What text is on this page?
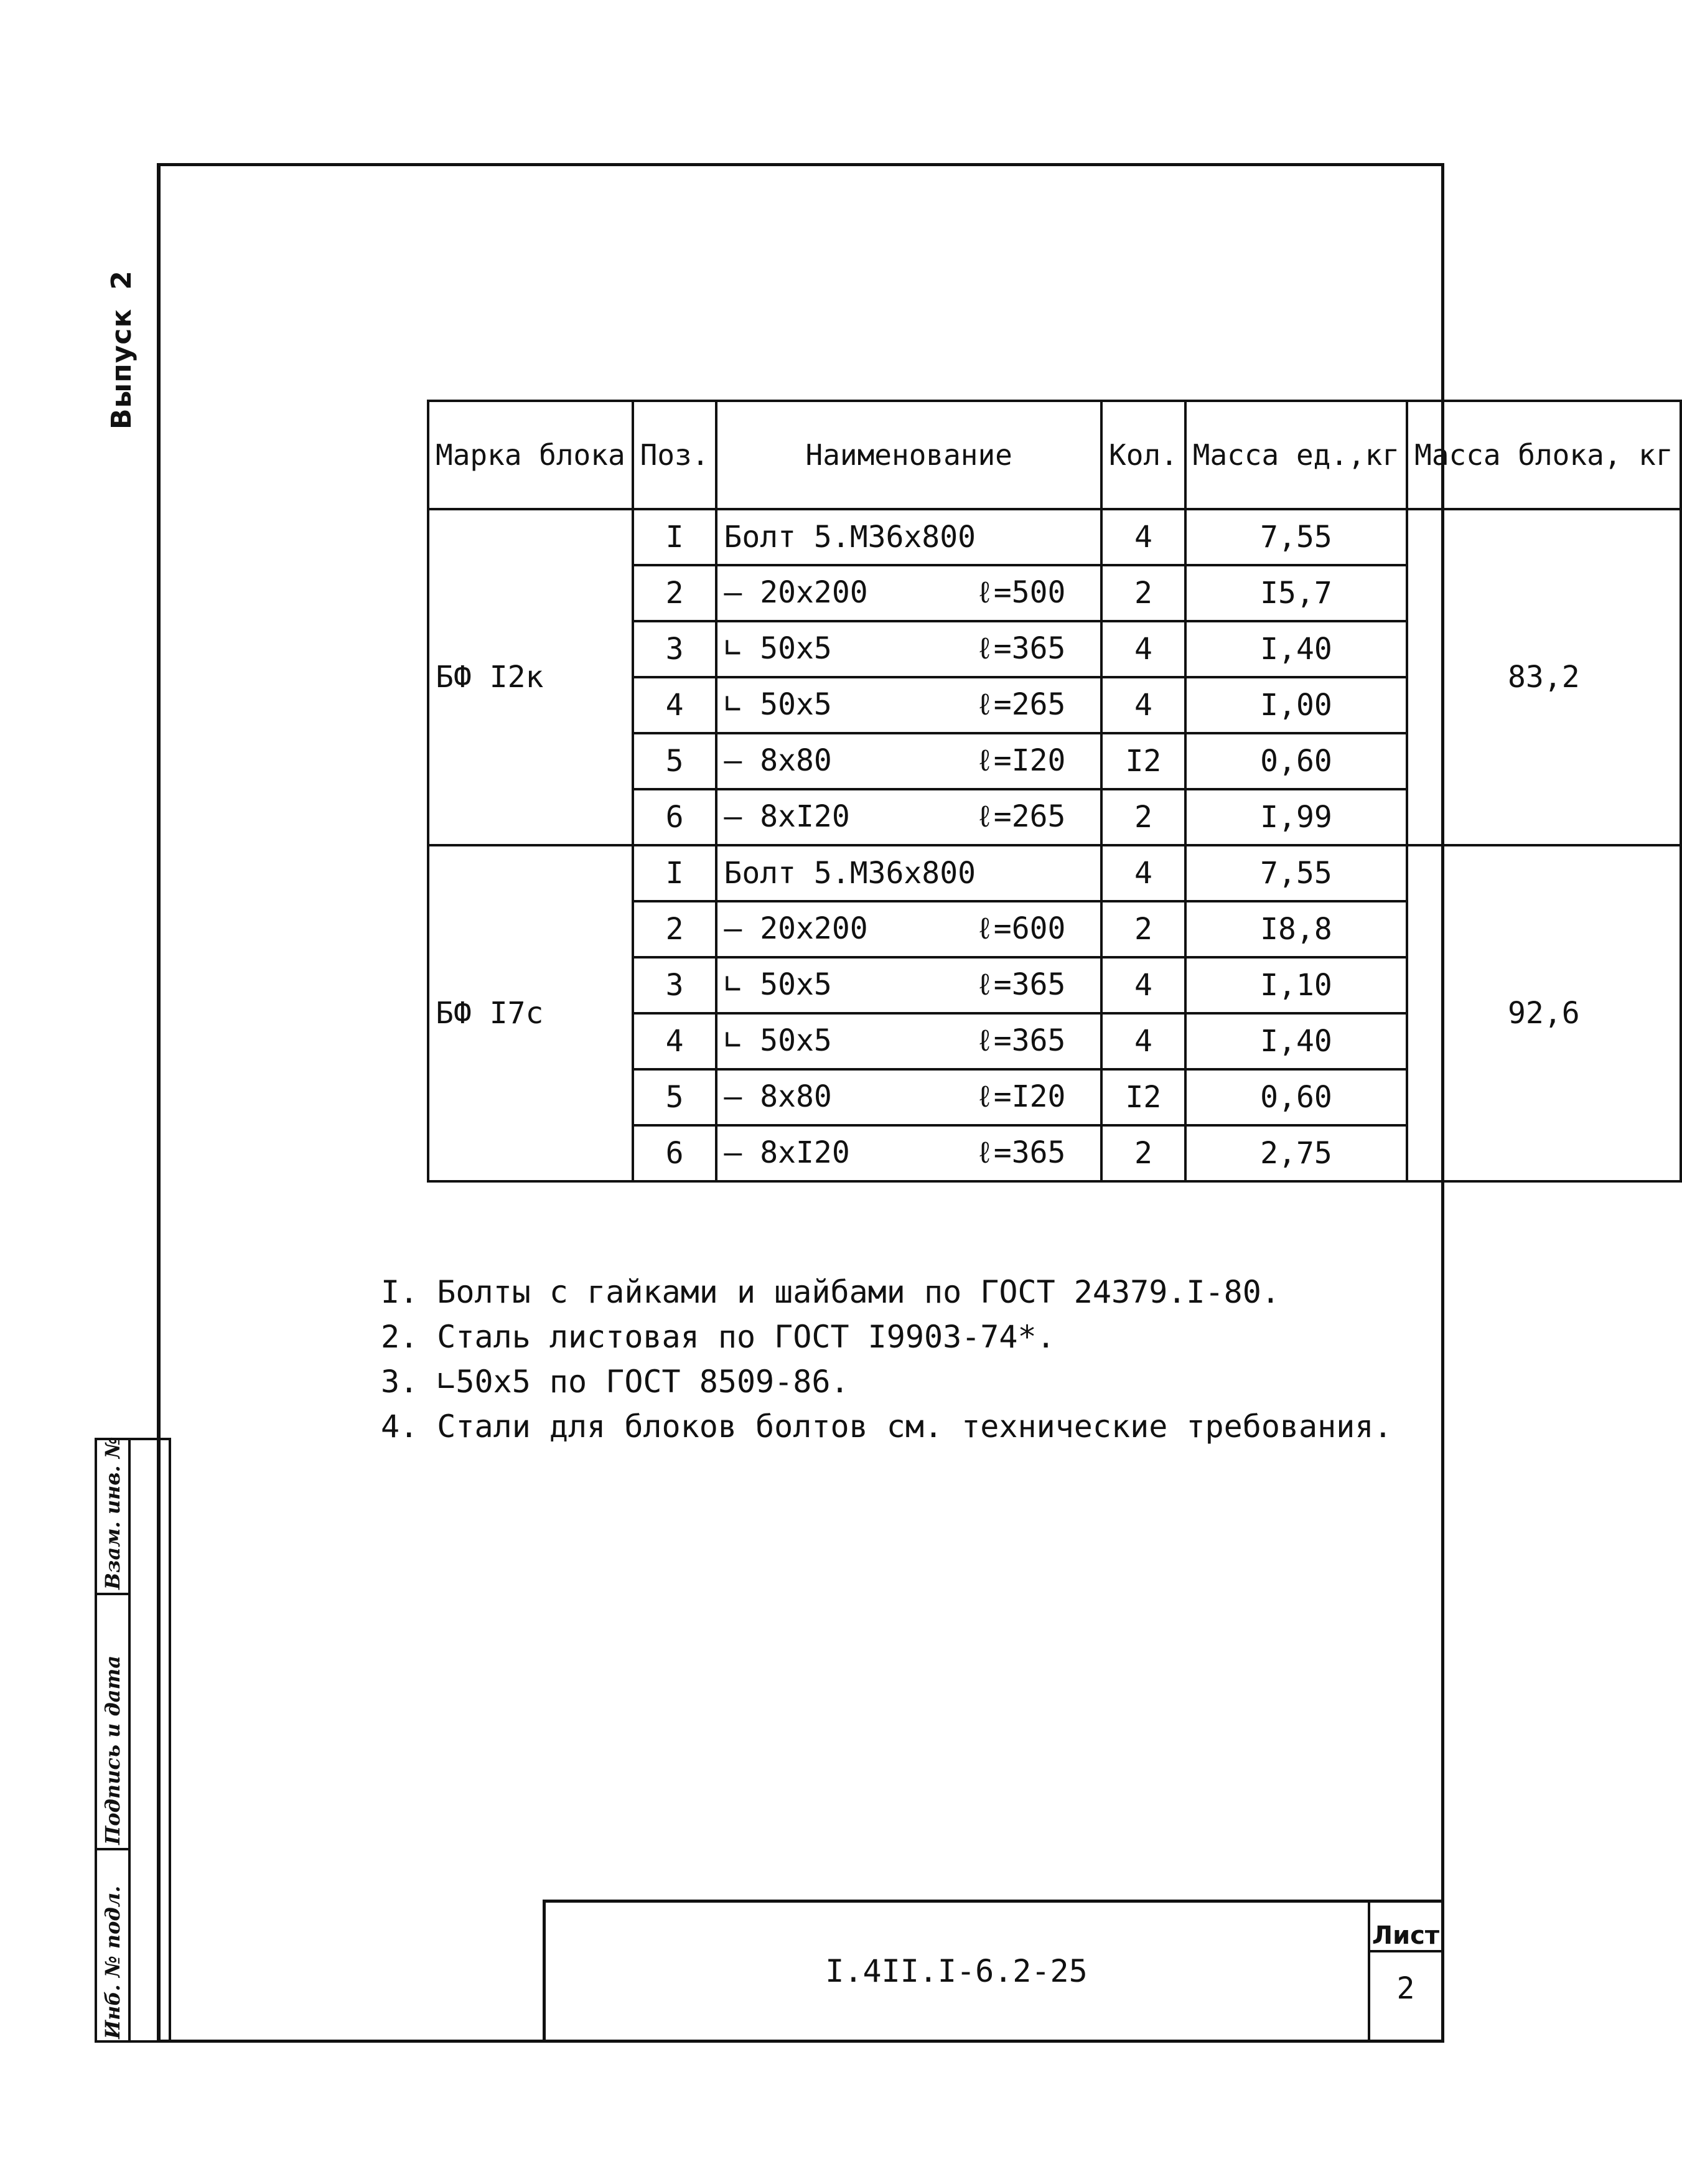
Выпуск2
Взам. инв. №
Подпись и дата
Инб. № подл.
Марка блока	Поз.	Наименование	Кол.	Масса ед.,кг	Масса блока, кг
БФ I2к	I	Болт 5.М36х800	4	7,55	83,2
	2	– 20х200 ℓ=500	2	I5,7	
	3	∟ 50х5 ℓ=365	4	I,40	
	4	∟ 50х5 ℓ=265	4	I,00	
	5	– 8х80 ℓ=I20	I2	0,60	
	6	– 8хI20 ℓ=265	2	I,99	
БФ I7с	I	Болт 5.М36х800	4	7,55	92,6
	2	– 20х200 ℓ=600	2	I8,8	
	3	∟ 50х5 ℓ=365	4	I,10	
	4	∟ 50х5 ℓ=365	4	I,40	
	5	– 8х80 ℓ=I20	I2	0,60	
	6	– 8хI20 ℓ=365	2	2,75	
I. Болты с гайками и шайбами по ГОСТ 24379.I-80.
2. Сталь листовая по ГОСТ I9903-74*.
3. ∟50х5 по ГОСТ 8509-86.
4. Стали для блоков болтов см. технические требования.
I.4II.I-6.2-25
Лист
2
